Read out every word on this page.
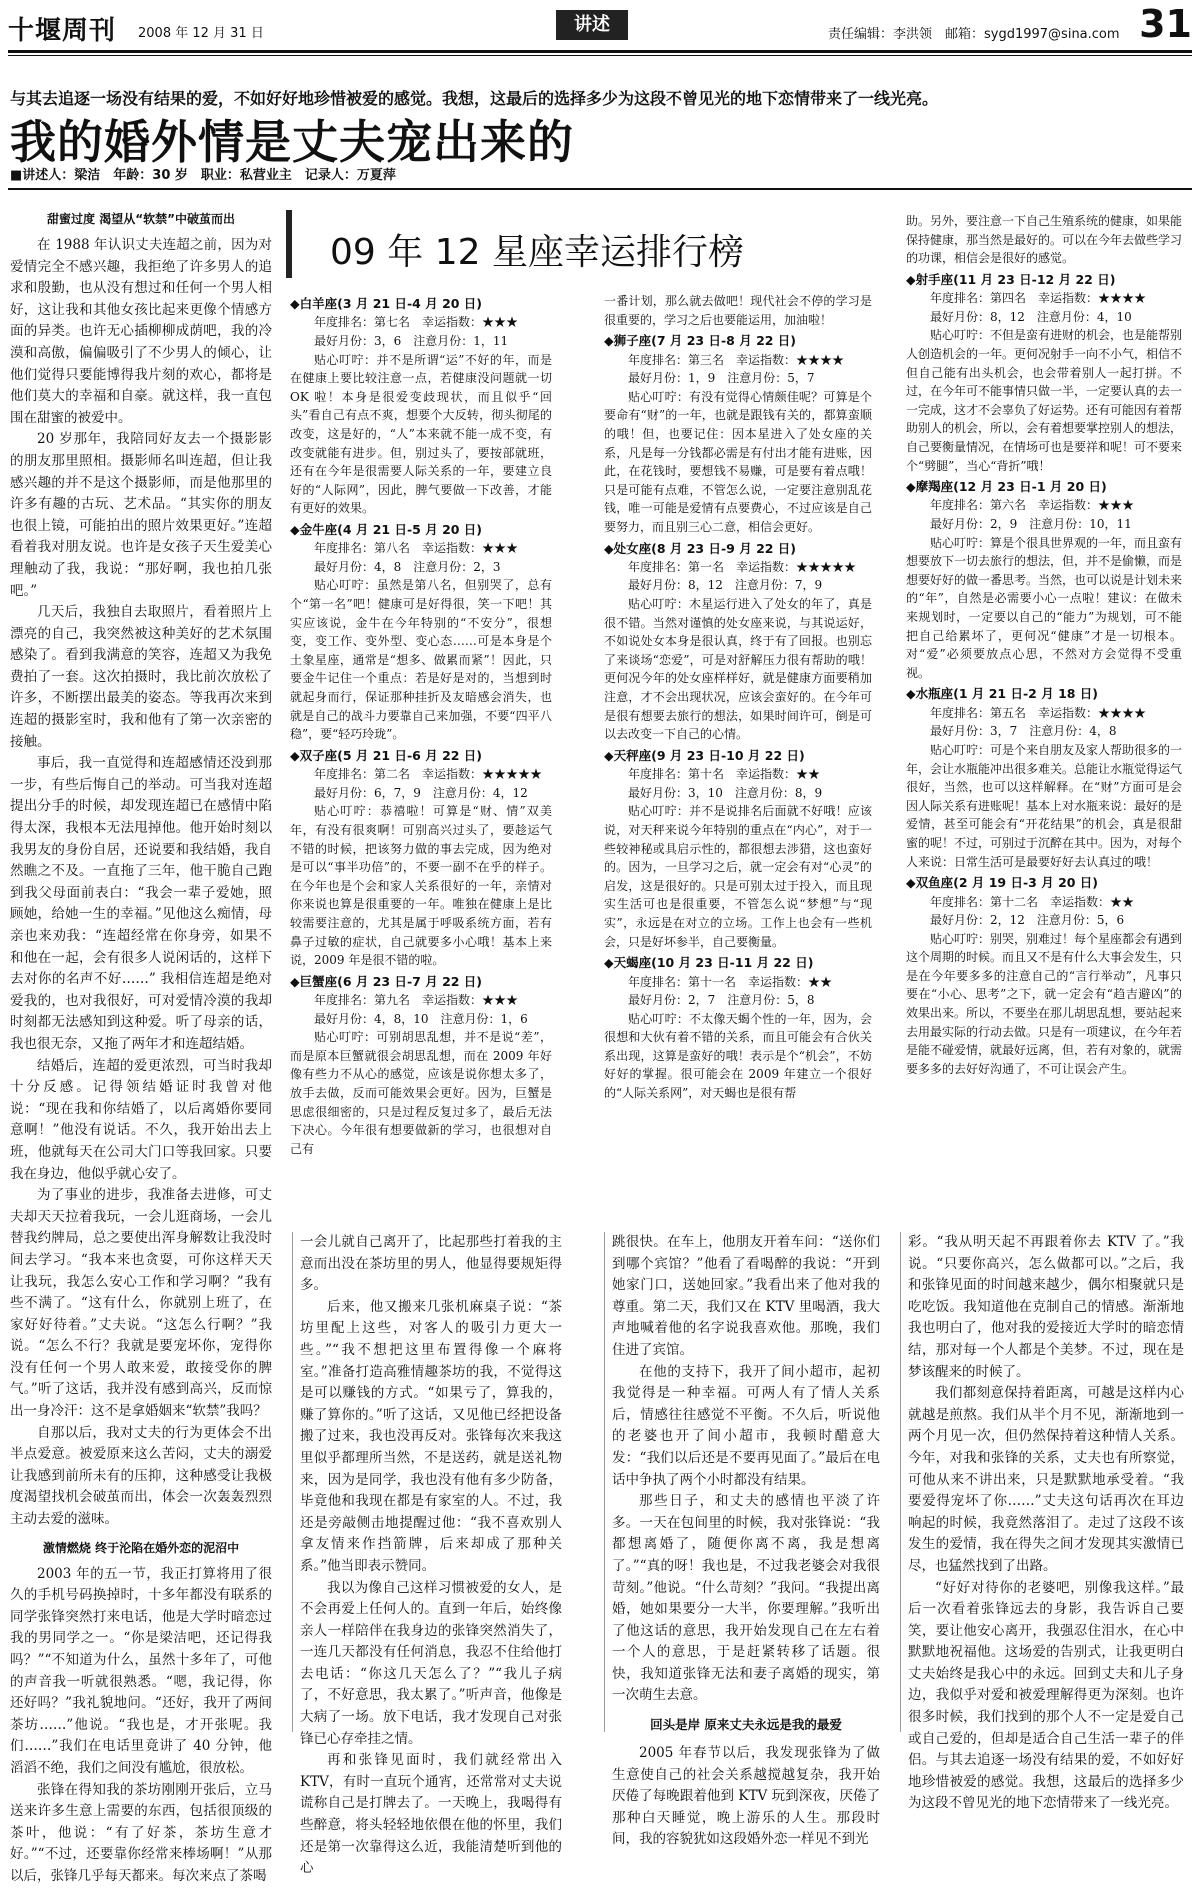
十堰周刊 2008 年 12 月 31 日	讲述	责任编辑：李洪领　邮箱：sygd1997@sina.com 31
与其去追逐一场没有结果的爱，不如好好地珍惜被爱的感觉。我想，这最后的选择多少为这段不曾见光的地下恋情带来了一线光亮。
我的婚外情是丈夫宠出来的
■讲述人：梁洁　年龄：30 岁　职业：私营业主　记录人：万夏萍
甜蜜过度 渴望从“软禁”中破茧而出

在 1988 年认识丈夫连超之前，因为对爱情完全不感兴趣，我拒绝了许多男人的追求和殷勤，也从没有想过和任何一个男人相好，这让我和其他女孩比起来更像个情感方面的异类。也许无心插柳柳成荫吧，我的冷漠和高傲，偏偏吸引了不少男人的倾心，让他们觉得只要能博得我片刻的欢心，都将是他们莫大的幸福和自豪。就这样，我一直包围在甜蜜的被爱中。

20 岁那年，我陪同好友去一个摄影影的朋友那里照相。摄影师名叫连超，但让我感兴趣的并不是这个摄影师，而是他那里的许多有趣的古玩、艺术品。“其实你的朋友也很上镜，可能拍出的照片效果更好。”连超看着我对朋友说。也许是女孩子天生爱美心理触动了我，我说：“那好啊，我也拍几张吧。”

几天后，我独自去取照片，看着照片上漂亮的自己，我突然被这种美好的艺术氛围感染了。看到我满意的笑容，连超又为我免费拍了一套。这次拍摄时，我比前次放松了许多，不断摆出最美的姿态。等我再次来到连超的摄影室时，我和他有了第一次亲密的接触。

事后，我一直觉得和连超感情还没到那一步，有些后悔自己的举动。可当我对连超提出分手的时候，却发现连超已在感情中陷得太深，我根本无法甩掉他。他开始时刻以我男友的身份自居，还说要和我结婚，我自然瞧之不及。一直拖了三年，他干脆自己跑到我父母面前表白：“我会一辈子爱她，照顾她，给她一生的幸福。”见他这么痴情，母亲也来劝我：“连超经常在你身旁，如果不和他在一起，会有很多人说闲话的，这样下去对你的名声不好……” 我相信连超是绝对爱我的，也对我很好，可对爱情冷漠的我却时刻都无法感知到这种爱。听了母亲的话，我也很无奈，又拖了两年才和连超结婚。

结婚后，连超的爱更浓烈，可当时我却十分反感。记得领结婚证时我曾对他说：“现在我和你结婚了，以后离婚你要同意啊！”他没有说话。不久，我开始出去上班，他就每天在公司大门口等我回家。只要我在身边，他似乎就心安了。

为了事业的进步，我准备去进修，可丈夫却天天拉着我玩，一会儿逛商场，一会儿替我约牌局，总之要使出浑身解数让我没时间去学习。“我本来也贪耍，可你这样天天让我玩，我怎么安心工作和学习啊？”我有些不满了。“这有什么，你就别上班了，在家好好待着。”丈夫说。“这怎么行啊？”我说。“怎么不行？我就是要宠坏你，宠得你没有任何一个男人敢来爱，敢接受你的脾气。”听了这话，我并没有感到高兴，反而惊出一身冷汗：这不是拿婚姻来“软禁”我吗？

自那以后，我对丈夫的行为更体会不出半点爱意。被爱原来这么苦闷，丈夫的溺爱让我感到前所未有的压抑，这种感受让我极度渴望找机会破茧而出，体会一次轰轰烈烈主动去爱的滋味。

激情燃烧 终于沦陷在婚外恋的泥沼中

2003 年的五一节，我正打算将用了很久的手机号码换掉时，十多年都没有联系的同学张锋突然打来电话，他是大学时暗恋过我的男同学之一。“你是梁洁吧，还记得我吗？”“不知道为什么，虽然十多年了，可他的声音我一听就很熟悉。“嗯，我记得，你还好吗？”我礼貌地问。“还好，我开了两间茶坊……”他说。“我也是，才开张呢。我们……”我们在电话里竟讲了 40 分钟，他滔滔不绝，我们之间没有尴尬，很放松。

张锋在得知我的茶坊刚刚开张后，立马送来许多生意上需要的东西，包括很顶级的茶叶，他说：“有了好茶，茶坊生意才好。”“不过，还要靠你经常来棒场啊！”从那以后，张锋几乎每天都来。每次来点了茶喝

09 年 12 星座幸运排行榜
◆白羊座(3 月 21 日-4 月 20 日)
年度排名：第七名　幸运指数：★★★
最好月份：3，6　注意月份：1，11
贴心叮咛：并不是所谓“运”不好的年，而是在健康上要比较注意一点，若健康没问题就一切 OK 啦！本身是很爱变歧现状，而且似乎“回头”看自己有点不爽，想要个大反转，彻头彻尾的改变，这是好的，“人”本来就不能一成不变，有改变就能有进步。但，别过头了，要按部就班，还有在今年是很需要人际关系的一年，要建立良好的“人际网”，因此，脾气要做一下改善，才能有更好的效果。
◆金牛座(4 月 21 日-5 月 20 日)
年度排名：第八名　幸运指数：★★★
最好月份：4，8　注意月份：2，3
贴心叮咛：虽然是第八名，但别哭了，总有个“第一名”吧！健康可是好得很，笑一下吧！其实应该说，金牛在今年特别的“不安分”，很想变，变工作、变外型、变心态……可是本身是个土象星座，通常是“想多、做累而紧”！因此，只要金牛记住一个重点：若是好是对的，当想到时就起身而行，保证那种挂折及友暗感会消失，也就是自己的战斗力要靠自己来加强，不要“四平八稳”，要“轻巧玲珑”。
◆双子座(5 月 21 日-6 月 22 日)
年度排名：第二名　幸运指数：★★★★★
最好月份：6，7，9　注意月份：4，12
贴心叮咛：恭禧啦！可算是“财、情”双美年，有没有很爽啊！可别高兴过头了，要趁运气不错的时候，把该努力做的事去完成，因为绝对是可以“事半功倍”的，不要一副不在乎的样子。在今年也是个会和家人关系很好的一年，亲情对你来说也算是很重要的一年。唯独在健康上是比较需要注意的，尤其是属于呼吸系统方面，若有鼻子过敏的症状，自己就要多小心哦！基本上来说，2009 年是很不错的啦。
◆巨蟹座(6 月 23 日-7 月 22 日)
年度排名：第九名　幸运指数：★★★
最好月份：4，8，10　注意月份：1，6
贴心叮咛：可别胡思乱想，并不是说“差”，而是原本巨蟹就很会胡思乱想，而在 2009 年好像有些力不从心的感觉，应该是说你想太多了，放手去做，反而可能效果会更好。因为，巨蟹是思虑很细密的，只是过程反复过多了，最后无法下决心。今年很有想要做新的学习，也很想对自己有
一番计划，那么就去做吧！现代社会不停的学习是很重要的，学习之后也要能运用，加油啦！
◆狮子座(7 月 23 日-8 月 22 日)
年度排名：第三名　幸运指数：★★★★
最好月份：1，9　注意月份：5，7
贴心叮咛：有没有觉得心情颇佳呢？可算是个要命有“财”的一年，也就是跟钱有关的，都算蛮顺的哦！但，也要记住：因本星进入了处女座的关系，凡是每一分钱都必需是有付出才能有进账，因此，在花钱时，要想钱不易赚，可是要有着点哦！只是可能有点难，不管怎么说，一定要注意别乱花钱，唯一可能是爱情有点要费心，不过应该是自己要努力，而且别三心二意，相信会更好。
◆处女座(8 月 23 日-9 月 22 日)
年度排名：第一名　幸运指数：★★★★★
最好月份：8，12　注意月份：7，9
贴心叮咛：木星运行进入了处女的年了，真是很不错。当然对谨慎的处女座来说，与其说运好，不如说处女本身是很认真，终于有了回报。也别忘了来谈场“恋爱”，可是对舒解压力很有帮助的哦！更何况今年的处女座样样好，就是健康方面要稍加注意，才不会出现状况，应该会蛮好的。在今年可是很有想要去旅行的想法，如果时间许可，倒是可以去改变一下自己的心情。
◆天秤座(9 月 23 日-10 月 22 日)
年度排名：第十名　幸运指数：★★
最好月份：3，10　注意月份：8，9
贴心叮咛：并不是说排名后面就不好哦！应该说，对天秤来说今年特别的重点在“内心”，对于一些较神秘或具启示性的，都很想去涉猎，这也蛮好的。因为，一旦学习之后，就一定会有对“心灵”的启发，这是很好的。只是可别太过于投入，而且现实生活可也是很重要，不管怎么说“梦想”与“现实”，永远是在对立的立场。工作上也会有一些机会，只是好坏参半，自己要衡量。
◆天蝎座(10 月 23 日-11 月 22 日)
年度排名：第十一名　幸运指数：★★
最好月份：2，7　注意月份：5，8
贴心叮咛：不太像天蝎个性的一年，因为，会很想和大伙有着不错的关系，而且可能会有合伙关系出现，这算是蛮好的哦！表示是个“机会”，不妨好好的掌握。很可能会在 2009 年建立一个很好的“人际关系网”，对天蝎也是很有帮
助。另外，要注意一下自己生殖系统的健康，如果能保持健康，那当然是最好的。可以在今年去做些学习的功课，相信会是很好的感觉。
◆射手座(11 月 23 日-12 月 22 日)
年度排名：第四名　幸运指数：★★★★
最好月份：8，12　注意月份：4，10
贴心叮咛：不但是蛮有进财的机会，也是能帮别人创造机会的一年。更何况射手一向不小气，相信不但自己能有出头机会，也会带着别人一起打拼。不过，在今年可不能事情只做一半，一定要认真的去一一完成，这才不会辜负了好运势。还有可能因有着帮助别人的机会，所以，会有着想要掌控别人的想法，自己要衡量情况，在情场可也是要祥和呢！可不要来个“劈腿”，当心“背折”哦！
◆摩羯座(12 月 23 日-1 月 20 日)
年度排名：第六名　幸运指数：★★★
最好月份：2，9　注意月份：10，11
贴心叮咛：算是个很具世界观的一年，而且蛮有想要放下一切去旅行的想法，但，并不是偷懒，而是想要好好的做一番思考。当然，也可以说是计划未来的“年”，自然是必需要小心一点啦！建议：在做未来规划时，一定要以自己的“能力”为规划，可不能把自己给累坏了，更何况“健康”才是一切根本。对“爱”必须要放点心思，不然对方会觉得不受重视。
◆水瓶座(1 月 21 日-2 月 18 日)
年度排名：第五名　幸运指数：★★★★
最好月份：3，7　注意月份：4，8
贴心叮咛：可是个来自朋友及家人帮助很多的一年，会让水瓶能冲出很多难关。总能让水瓶觉得运气很好，当然，也可以这样解释。在“财”方面可是会因人际关系有进账呢！基本上对水瓶来说：最好的是爱情，甚至可能会有“开花结果”的机会，真是很甜蜜的呢！不过，可别过于沉醉在其中。因为，对每个人来说：日常生活可是最要好好去认真过的哦！
◆双鱼座(2 月 19 日-3 月 20 日)
年度排名：第十二名　幸运指数：★★
最好月份：2，12　注意月份：5，6
贴心叮咛：别哭，别难过！每个星座都会有遇到这个周期的时候。而且又不是有什么大事会发生，只是在今年要多多的注意自己的“言行举动”，凡事只要在“小心、思考”之下，就一定会有“趋吉避凶”的效果出来。所以，不要坐在那儿胡思乱想，要站起来去用最实际的行动去做。只是有一项建议，在今年若是能不碰爱情，就最好远离，但，若有对象的，就需要多多的去好好沟通了，不可让误会产生。

一会儿就自己离开了，比起那些打着我的主意而出没在茶坊里的男人，他显得要规矩得多。

后来，他又搬来几张机麻桌子说：“茶坊里配上这些，对客人的吸引力更大一些。”“我不想把这里布置得像一个麻将室。”准备打造高雅情趣茶坊的我，不觉得这是可以赚钱的方式。“如果亏了，算我的，赚了算你的。”听了这话，又见他已经把设备搬了过来，我也没再反对。张锋每次来我这里似乎都理所当然，不是送药，就是送礼物来，因为是同学，我也没有他有多少防备，毕竟他和我现在都是有家室的人。不过，我还是旁敲侧击地提醒过他：“我不喜欢别人拿友情来作挡箭牌，后来却成了那种关系。”他当即表示赞同。

我以为像自己这样习惯被爱的女人，是不会再爱上任何人的。直到一年后，始终像亲人一样陪伴在我身边的张锋突然消失了，一连几天都没有任何消息，我忍不住给他打去电话：“你这几天怎么了？”“我儿子病了，不好意思，我太累了。”听声音，他像是大病了一场。放下电话，我才发现自己对张锋已心存牵挂之情。

再和张锋见面时，我们就经常出入 KTV，有时一直玩个通宵，还常常对丈夫说谎称自己是打牌去了。一天晚上，我喝得有些醉意，将头轻轻地依偎在他的怀里，我们还是第一次靠得这么近，我能清楚听到他的心

跳很快。在车上，他朋友开着车问：“送你们到哪个宾馆？”他看了看喝醉的我说：“开到她家门口，送她回家。”我看出来了他对我的尊重。第二天，我们又在 KTV 里喝酒，我大声地喊着他的名字说我喜欢他。那晚，我们住进了宾馆。

在他的支持下，我开了间小超市，起初我觉得是一种幸福。可两人有了情人关系后，情感往往感觉不平衡。不久后，听说他的老婆也开了间小超市，我顿时醋意大发：“我们以后还是不要再见面了。”最后在电话中争执了两个小时都没有结果。

那些日子，和丈夫的感情也平淡了许多。一天在包间里的时候，我对张锋说：“我都想离婚了，随便你离不离，我是想离了。”“真的呀！我也是，不过我老婆会对我很苛刻。”他说。“什么苛刻？”我问。“我提出离婚，她如果要分一大半，你要理解。”我听出了他这话的意思，我开始发现自己在左右着一个人的意思，于是赶紧转移了话题。很快，我知道张锋无法和妻子离婚的现实，第一次萌生去意。

回头是岸 原来丈夫永远是我的最爱

2005 年春节以后，我发现张锋为了做生意使自己的社会关系越搅越复杂，我开始厌倦了每晚跟着他到 KTV 玩到深夜，厌倦了那种白天睡觉，晚上游乐的人生。那段时间，我的容貌犹如这段婚外恋一样见不到光

彩。“我从明天起不再跟着你去 KTV 了。”我说。“只要你高兴，怎么做都可以。”之后，我和张锋见面的时间越来越少，偶尔相聚就只是吃吃饭。我知道他在克制自己的情感。渐渐地我也明白了，他对我的爱接近大学时的暗恋情结，那对每一个人都是个美梦。不过，现在是梦该醒来的时候了。

我们都刻意保持着距离，可越是这样内心就越是煎熬。我们从半个月不见，渐渐地到一两个月见一次，但仍然保持着这种情人关系。今年，对我和张锋的关系，丈夫也有所察觉，可他从来不讲出来，只是默默地承受着。“我要爱得宠坏了你……”丈夫这句话再次在耳边响起的时候，我竟然落泪了。走过了这段不该发生的爱情，我在得失之间才发现其实激情已尽，也猛然找到了出路。

“好好对待你的老婆吧，别像我这样。”最后一次看着张锋远去的身影，我告诉自己要笑，要让他安心离开，我强忍住泪水，在心中默默地祝福他。这场爱的告别式，让我更明白丈夫始终是我心中的永远。回到丈夫和儿子身边，我似乎对爱和被爱理解得更为深刻。也许很多时候，我们找到的那个人不一定是爱自己或自己爱的，但却是适合自己生活一辈子的伴侣。与其去追逐一场没有结果的爱，不如好好地珍惜被爱的感觉。我想，这最后的选择多少为这段不曾见光的地下恋情带来了一线光亮。
